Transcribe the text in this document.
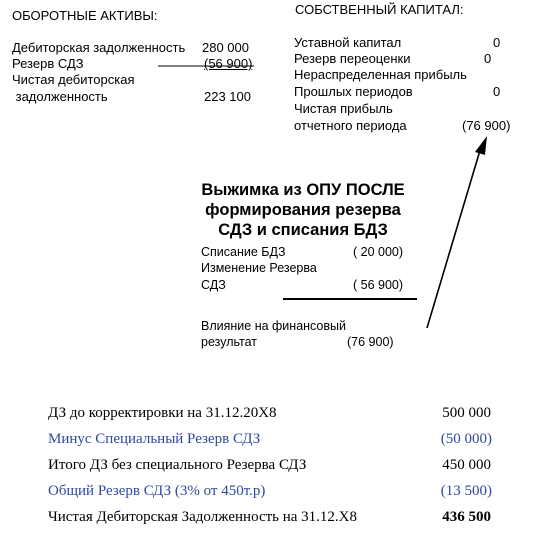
ОБОРОТНЫЕ АКТИВЫ:
Дебиторская задолженность 280 000
Резерв СДЗ	(56 900)
Чистая дебиторская
задолженность	223 100
СОБСТВЕННЫЙ КАПИТАЛ:
Уставной капитал	0
Резерв переоценки	0
Нераспределенная прибыль
Прошлых периодов	0
Чистая прибыль
отчетного периода	(76 900)
Выжимка из ОПУ ПОСЛЕ
формирования резерва
СДЗ и списания БДЗ
Списание БДЗ	( 20 000)
Изменение Резерва
СДЗ	( 56 900)
Влияние на финансовый
результат	(76 900)
ДЗ до корректировки на 31.12.20Х8	500 000
Минус Специальный Резерв СДЗ	(50 000)
Итого ДЗ без специального Резерва СДЗ	450 000
Общий Резерв СДЗ (3% от 450т.р)	(13 500)
Чистая Дебиторская Задолженность на 31.12.Х8	436 500
